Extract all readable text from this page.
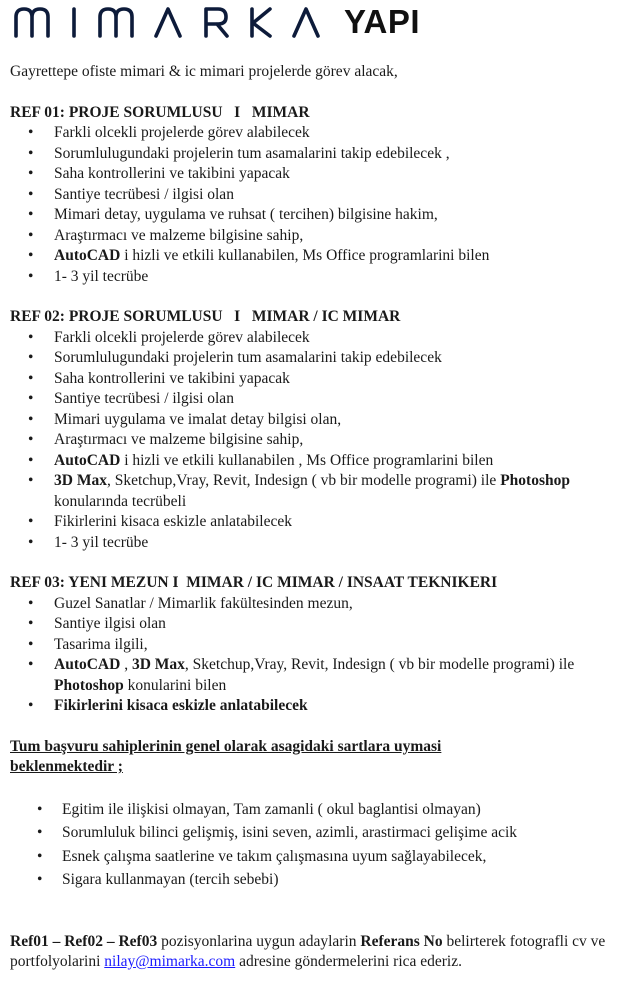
YAPI

Gayrettepe ofiste mimari & ic mimari projelerde görev alacak,

REF 01: PROJE SORUMLUSU   I   MIMAR

• Farkli olcekli projelerde görev alabilecek
• Sorumlulugundaki projelerin tum asamalarini takip edebilecek ,
• Saha kontrollerini ve takibini yapacak
• Santiye tecrübesi / ilgisi olan
• Mimari detay, uygulama ve ruhsat ( tercihen) bilgisine hakim,
• Araştırmacı ve malzeme bilgisine sahip,
• AutoCAD i hizli ve etkili kullanabilen, Ms Office programlarini bilen
• 1- 3 yil tecrübe

REF 02: PROJE SORUMLUSU   I   MIMAR / IC MIMAR

• Farkli olcekli projelerde görev alabilecek
• Sorumlulugundaki projelerin tum asamalarini takip edebilecek
• Saha kontrollerini ve takibini yapacak
• Santiye tecrübesi / ilgisi olan
• Mimari uygulama ve imalat detay bilgisi olan,
• Araştırmacı ve malzeme bilgisine sahip,
• AutoCAD i hizli ve etkili kullanabilen , Ms Office programlarini bilen
• 3D Max, Sketchup,Vray, Revit, Indesign ( vb bir modelle programi) ile Photoshop konularında tecrübeli
• Fikirlerini kisaca eskizle anlatabilecek
• 1- 3 yil tecrübe

REF 03: YENI MEZUN I  MIMAR / IC MIMAR / INSAAT TEKNIKERI

• Guzel Sanatlar / Mimarlik fakültesinden mezun,
• Santiye ilgisi olan
• Tasarima ilgili,
• AutoCAD , 3D Max, Sketchup,Vray, Revit, Indesign ( vb bir modelle programi) ile Photoshop konularini bilen
• Fikirlerini kisaca eskizle anlatabilecek

Tum başvuru sahiplerinin genel olarak asagidaki sartlara uymasi beklenmektedir ;

• Egitim ile ilişkisi olmayan, Tam zamanli ( okul baglantisi olmayan)
• Sorumluluk bilinci gelişmiş, isini seven, azimli, arastirmaci gelişime acik
• Esnek çalışma saatlerine ve takım çalışmasına uyum sağlayabilecek,
• Sigara kullanmayan (tercih sebebi)

Ref01 – Ref02 – Ref03 pozisyonlarina uygun adaylarin Referans No belirterek fotografli cv ve portfolyolarini nilay@mimarka.com adresine göndermelerini rica ederiz.
